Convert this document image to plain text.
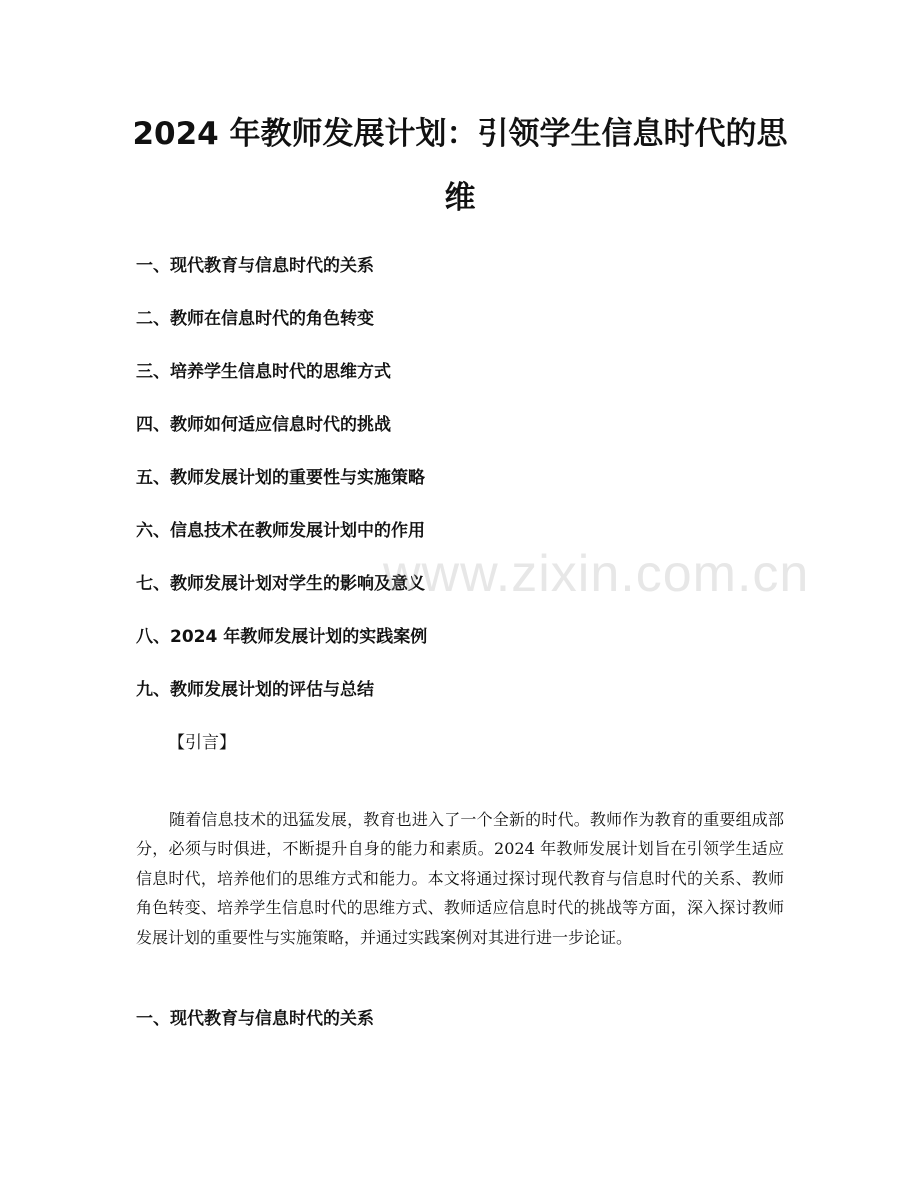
2024 年教师发展计划：引领学生信息时代的思维
一、现代教育与信息时代的关系
二、教师在信息时代的角色转变
三、培养学生信息时代的思维方式
四、教师如何适应信息时代的挑战
五、教师发展计划的重要性与实施策略
六、信息技术在教师发展计划中的作用
七、教师发展计划对学生的影响及意义
八、2024 年教师发展计划的实践案例
九、教师发展计划的评估与总结
www.zixin.com.cn
【引言】

随着信息技术的迅猛发展，教育也进入了一个全新的时代。教师作为教育的重要组成部分，必须与时俱进，不断提升自身的能力和素质。2024 年教师发展计划旨在引领学生适应信息时代，培养他们的思维方式和能力。本文将通过探讨现代教育与信息时代的关系、教师角色转变、培养学生信息时代的思维方式、教师适应信息时代的挑战等方面，深入探讨教师发展计划的重要性与实施策略，并通过实践案例对其进行进一步论证。

一、现代教育与信息时代的关系
